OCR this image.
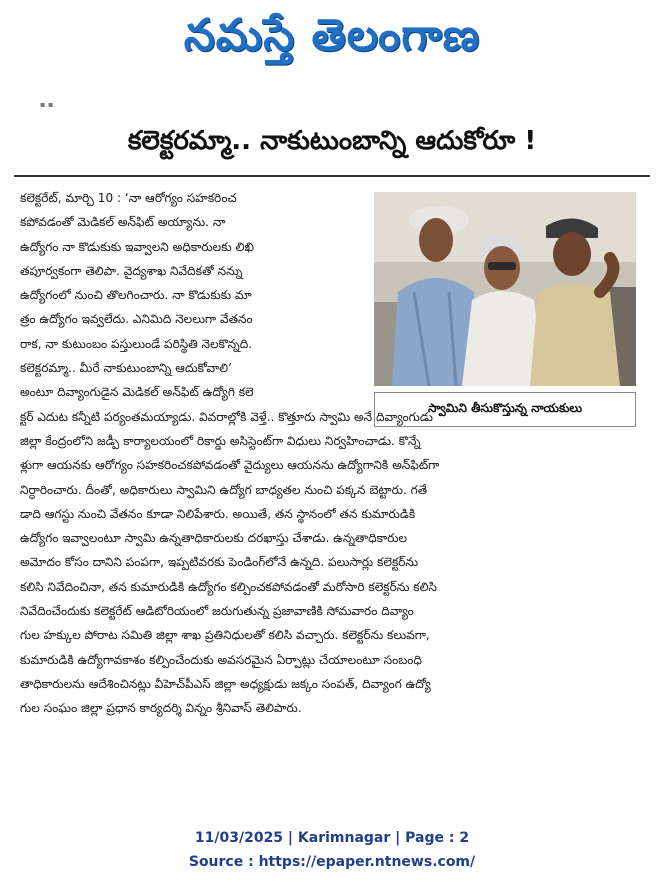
నమస్తే తెలంగాణ
▪ ▪
కలెక్టరమ్మా.. నాకుటుంబాన్ని ఆదుకోరూ !
స్వామిని తీసుకొస్తున్న నాయకులు
కలెక్టరేట్‌, మార్చి 10 : ‘నా ఆరోగ్యం సహకరించ
కపోవడంతో మెడికల్ అన్‌ఫిట్ అయ్యాను. నా
ఉద్యోగం నా కొడుకుకు ఇవ్వాలని అధికారులకు లిఖి
తపూర్వకంగా తెలిపా. వైద్యశాఖ నివేదికతో నన్ను
ఉద్యోగంలో నుంచి తొలగించారు. నా కొడుకుకు మా
త్రం ఉద్యోగం ఇవ్వలేదు. ఎనిమిది నెలలుగా వేతనం
రాక, నా కుటుంబం పస్తులుండే పరిస్థితి నెలకొన్నది.
కలెక్టరమ్మా.. మీరే నాకుటుంబాన్ని ఆదుకోవాలి’
అంటూ దివ్యాంగుడైన మెడికల్ అన్‌ఫిట్ ఉద్యోగి కలె
క్టర్ ఎదుట కన్నీటి పర్యంతమయ్యాడు. వివరాల్లోకి వెళ్తే.. కొత్తూరు స్వామి అనే దివ్యాంగుడు
జిల్లా కేంద్రంలోని జడ్పీ కార్యాలయంలో రికార్డు అసిస్టెంట్‌గా విధులు నిర్వహించాడు. కొన్నే
ళ్లుగా ఆయనకు ఆరోగ్యం సహకరించకపోవడంతో వైద్యులు ఆయనను ఉద్యోగానికి అన్‌ఫిట్‌గా
నిర్ధారించారు. దీంతో, అధికారులు స్వామిని ఉద్యోగ బాధ్యతల నుంచి పక్కన బెట్టారు. గతే
డాది ఆగస్టు నుంచి వేతనం కూడా నిలిపేశారు. అయితే, తన స్థానంలో తన కుమారుడికి
ఉద్యోగం ఇవ్వాలంటూ స్వామి ఉన్నతాధికారులకు దరఖాస్తు చేశాడు. ఉన్నతాధికారుల
అమోదం కోసం దానిని పంపగా, ఇప్పటివరకు పెండింగ్‌లోనే ఉన్నది. పలుసార్లు కలెక్టర్‌ను
కలిసి నివేదించినా, తన కుమారుడికి ఉద్యోగం కల్పించకపోవడంతో మరోసారి కలెక్టర్‌ను కలిసి
నివేదించేందుకు కలెక్టరేట్ ఆడిటోరియంలో జరుగుతున్న ప్రజావాణికి సోమవారం దివ్యాం
గుల హక్కుల పోరాట సమితి జిల్లా శాఖ ప్రతినిధులతో కలిసి వచ్చారు. కలెక్టర్‌ను కలువగా,
కుమారుడికి ఉద్యోగావకాశం కల్పించేందుకు అవసరమైన ఏర్పాట్లు చేయాలంటూ సంబంధి
తాధికారులను ఆదేశించినట్లు వీహెచ్‌పీఎస్ జిల్లా అధ్యక్షుడు జక్కం సంపత్‌, దివ్యాంగ ఉద్యో
గుల సంఘం జిల్లా ప్రధాన కార్యదర్శి విన్నం శ్రీనివాస్ తెలిపారు.
11/03/2025 | Karimnagar | Page : 2
Source : https://epaper.ntnews.com/
